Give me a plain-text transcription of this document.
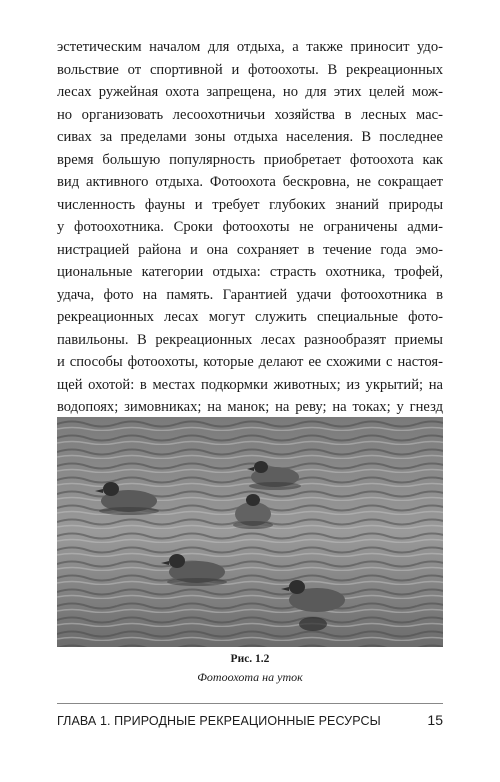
эстетическим началом для отдыха, а также приносит удо-
вольствие от спортивной и фотоохоты. В рекреационных
лесах ружейная охота запрещена, но для этих целей мож-
но организовать лесоохотничьи хозяйства в лесных мас-
сивах за пределами зоны отдыха населения. В последнее
время большую популярность приобретает фотоохота как
вид активного отдыха. Фотоохота бескровна, не сокращает
численность фауны и требует глубоких знаний природы
у фотоохотника. Сроки фотоохоты не ограничены адми-
нистрацией района и она сохраняет в течение года эмо-
циональные категории отдыха: страсть охотника, трофей,
удача, фото на память. Гарантией удачи фотоохотника в
рекреационных лесах могут служить специальные фото-
павильоны. В рекреационных лесах разнообразят приемы
и способы фотоохоты, которые делают ее схожими с настоя-
щей охотой: в местах подкормки животных; из укрытий; на
водопоях; зимовниках; на манок; на реву; на токах; у гнезд

Рис. 1.2
Фотоохота на уток
ГЛАВА 1. ПРИРОДНЫЕ РЕКРЕАЦИОННЫЕ РЕСУРСЫ	15
